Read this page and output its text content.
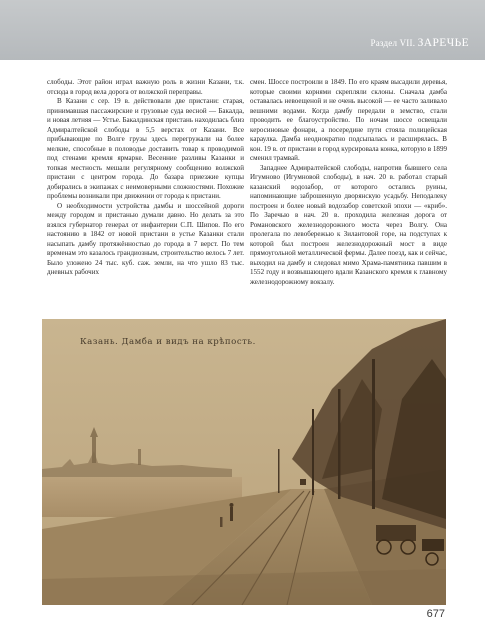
Раздел VII. ЗАРЕЧЬЕ

слободы. Этот район играл важную роль в жизни Казани, т.к. отсюда в город вела дорога от волжской переправы.

В Казани с сер. 19 в. действовали две пристани: старая, принимавшая пассажирские и грузовые суда весной — Бакалда, и новая летняя — Устье. Бакалдинская пристань находилась близ Адмиралтейской слободы в 5,5 верстах от Казани. Все прибывающие по Волге грузы здесь перегружали на более мелкие, способные в половодье доставить товар к проводимой под стенами кремля ярмарке. Весенние разливы Казанки и топкая местность мешали регулярному сообщению волжской пристани с центром города. До базара приезжие купцы добирались в экипажах с неимоверными сложностями. Похожие проблемы возникали при движении от города к пристани.

О необходимости устройства дамбы и шоссейной дороги между городом и пристанью думали давно. Но делать за это взялся губернатор генерал от инфантерии С.П. Шипов. По его настоянию в 1842 от новой пристани в устье Казанки стали насыпать дамбу протяжённостью до города в 7 верст. По тем временам это казалось грандиозным, строительство велось 7 лет. Было уложено 24 тыс. куб. саж. земли, на что ушло 83 тыс. дневных рабочих

смен. Шоссе построили в 1849. По его краям высадили деревья, которые своими корнями скрепляли склоны. Сначала дамба оставалась невоещеной и не очень высокой — ее часто заливало вешними водами. Когда дамбу передали в земство, стали проводить ее благоустройство. По ночам шоссе освещали керосиновые фонари, а посередине пути стояла полицейская караулка. Дамба неоднократно подсыпалась и расширялась. В кон. 19 в. от пристани в город курсировала конка, которую в 1899 сменил трамвай.

Западнее Адмиралтейской слободы, напротив бывшего села Игумново (Игумновой слободы), в нач. 20 в. работал старый казанский водозабор, от которого остались руины, напоминающие заброшенную дворянскую усадьбу. Неподалеку построен и более новый водозабор советской эпохи — «криб». По Заречью в нач. 20 в. проходила железная дорога от Романовского железнодорожного моста через Волгу. Она пролегала по левобережью к Зилантовой горе, на подступах к которой был построен железнодорожный мост в виде прямоугольной металлической фермы. Далее поезд, как и сейчас, выходил на дамбу и следовал мимо Храма-памятника павшим в 1552 году и возвышающего вдали Казанского кремля к главному железнодорожному вокзалу.

Казань. Дамба и видъ на крѣпость.
677
